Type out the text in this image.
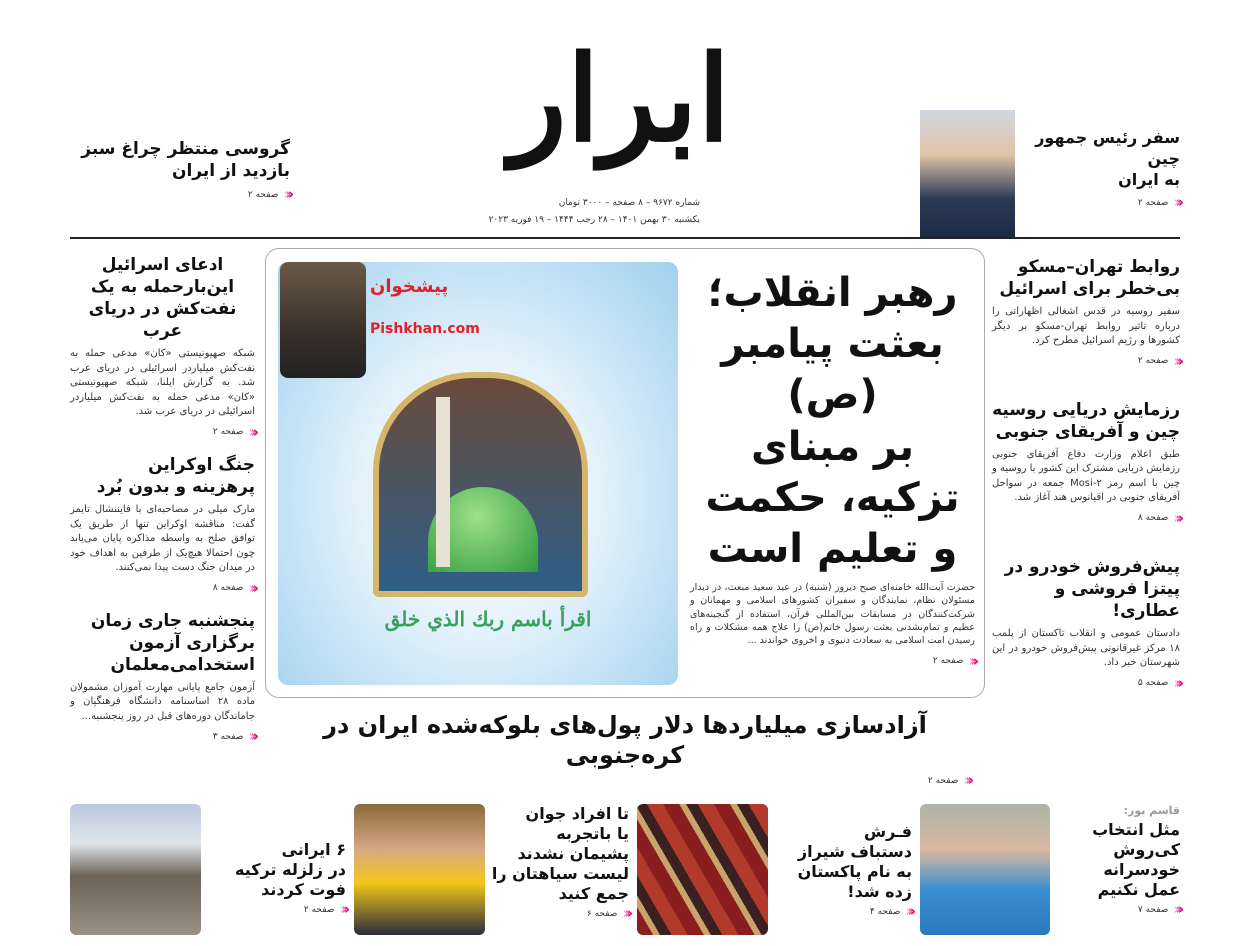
ابرار
شماره ۹۶۷۲ – ۸ صفحه – ۳۰۰۰ تومان
یکشنبه ۳۰ بهمن ۱۴۰۱ – ۲۸ رجب ۱۴۴۴ – ۱۹ فوریه ۲۰۲۳
سفر رئیس جمهور چین
به ایران
صفحه ۲ ‹‹‹
گروسی منتظر چراغ سبز
بازدید از ایران
صفحه ۲ ‹‹‹
پیشخوان
Pishkhan.com
اقرأ باسم ربك الذي خلق
رهبر انقلاب؛
بعثت پیامبر (ص)
بر مبنای
تزکیه، حکمت
و تعلیم است
حضرت آیت‌الله خامنه‌ای صبح دیروز (شنبه) در عید سعید مبعث، در دیدار مسئولان نظام، نمایندگان و سفیران کشورهای اسلامی و مهمانان و شرکت‌کنندگان در مسابقات بین‌المللی قرآن، استفاده از گنجینه‌های عظیم و تمام‌نشدنی بعثت رسول خاتم(ص) را علاج همه مشکلات و راه رسیدن امت اسلامی به سعادت دنیوی و اخروی خواندند ...
صفحه ۲ ‹‹‹
آزادسازی میلیاردها دلار پول‌های بلوکه‌شده ایران در کره‌جنوبی
صفحه ۲ ‹‹‹
روابط تهران–مسکو
بی‌خطر برای اسرائیل
سفیر روسیه در قدس اشغالی اظهاراتی را درباره تاثیر روابط تهران-مسکو بر دیگر کشورها و رژیم اسرائیل مطرح کرد.
صفحه ۲ ‹‹‹
رزمایش دریایی روسیه
چین و آفریقای جنوبی
طبق اعلام وزارت دفاع آفریقای جنوبی رزمایش دریایی مشترک این کشور با روسیه و چین با اسم رمز Mosi-۲ جمعه در سواحل آفریقای جنوبی در اقیانوس هند آغاز شد.
صفحه ۸ ‹‹‹
پیش‌فروش خودرو در
پیتزا فروشی و عطاری!
دادستان عمومی و انقلاب تاکستان از پلمب ۱۸ مرکز غیرقانونی پیش‌فروش خودرو در این شهرستان خبر داد.
صفحه ۵ ‹‹‹
ادعای اسرائیل
این‌بارحمله به یک
نفت‌کش در دریای عرب
شبکه صهیونیستی «کان» مدعی حمله به نفت‌کش میلیاردر اسرائیلی در دریای عرب شد. به گزارش ایلنا، شبکه صهیونیستی «کان» مدعی حمله به نفت‌کش میلیاردر اسرائیلی در دریای عرب شد.
صفحه ۲ ‹‹‹
جنگ اوکراین
پرهزینه و بدون بُرد
مارک میلی در مصاحبه‌ای با فایننشال تایمز گفت: مناقشه اوکراین تنها از طریق یک توافق صلح به واسطه مذاکره پایان می‌یابد چون احتمالا هیچ‌یک از طرفین به اهداف خود در میدان جنگ دست پیدا نمی‌کنند.
صفحه ۸ ‹‹‹
پنجشنبه جاری زمان
برگزاری آزمون
استخدامی‌معلمان
آزمون جامع پایانی مهارت آموزان مشمولان ماده ۲۸ اساسنامه دانشگاه فرهنگیان و جاماندگان دوره‌های قبل در روز پنجشنبه...
صفحه ۳ ‹‹‹
قاسم پور:
مثل انتخاب
کی‌روش
خودسرانه
عمل نکنیم
صفحه ۷ ‹‹‹
فـرش
دستباف شیراز
به نام پاکستان
زده شد!
صفحه ۴ ‹‹‹
تا افراد جوان
یا باتجربه
پشیمان نشدند
لیست سیاهتان را
جمع کنید
صفحه ۶ ‹‹‹
۶ ایرانی
در زلزله ترکیه
فوت کردند
صفحه ۲ ‹‹‹
